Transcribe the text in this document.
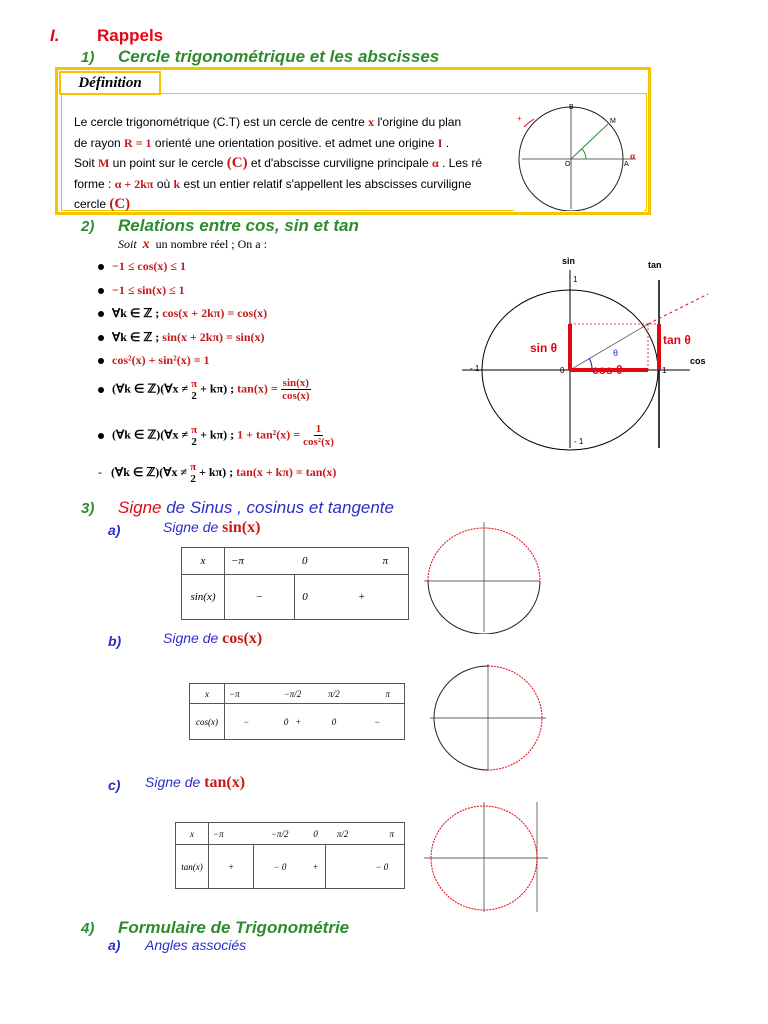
I. Rappels
1) Cercle trigonométrique et les abscisses
Définition
Le cercle trigonométrique (C.T) est un cercle de centre x l'origine du plan
de rayon R = 1 orienté une orientation positive. et admet une origine I .
Soit M un point sur le cercle (C) et d'abscisse curviligne principale α . Les ré
forme : α + 2kπ où k est un entier relatif s'appellent les abscisses curviligne
cercle (C)
B
M
O	A
+
α
2) Relations entre cos, sin et tan
Soit x un nombre réel ; On a :
−1 ≤ cos(x) ≤ 1
−1 ≤ sin(x) ≤ 1
∀k ∈ ℤ ; cos(x + 2kπ) = cos(x)
∀k ∈ ℤ ; sin(x + 2kπ) = sin(x)
cos²(x) + sin²(x) = 1
(∀k ∈ ℤ)(∀x ≠ π
2
+ kπ) ; $\tan(x) = \frac{\sin(x)}{\cos(x)}$
(∀k ∈ ℤ)(∀x ≠ π
2
+ kπ) ; $1 + \tan^2(x) = \frac{1}{\text{cos²(x)}}$
- (∀k ∈ ℤ)(∀x ≠ π
2
+ kπ) ; tan(x + kπ) = tan(x)
sin	tan
cos
sin θ
cos θ
tan θ
θ
1
- 1	0	1
- 1
3) Signe de Sinus , cosinus et tangente
a)	Signe de sin(x)
x	−π	0	π
sin(x)	−	0	+
b)	Signe de cos(x)
x	−π	−π/2	π/2	π
cos(x)	−	0 +	0	−
c) Signe de tan(x)
x	−π	−π/2	0	π/2	π
tan(x)	+	− 0	+		− 0
4) Formulaire de Trigonométrie
a) Angles associés
